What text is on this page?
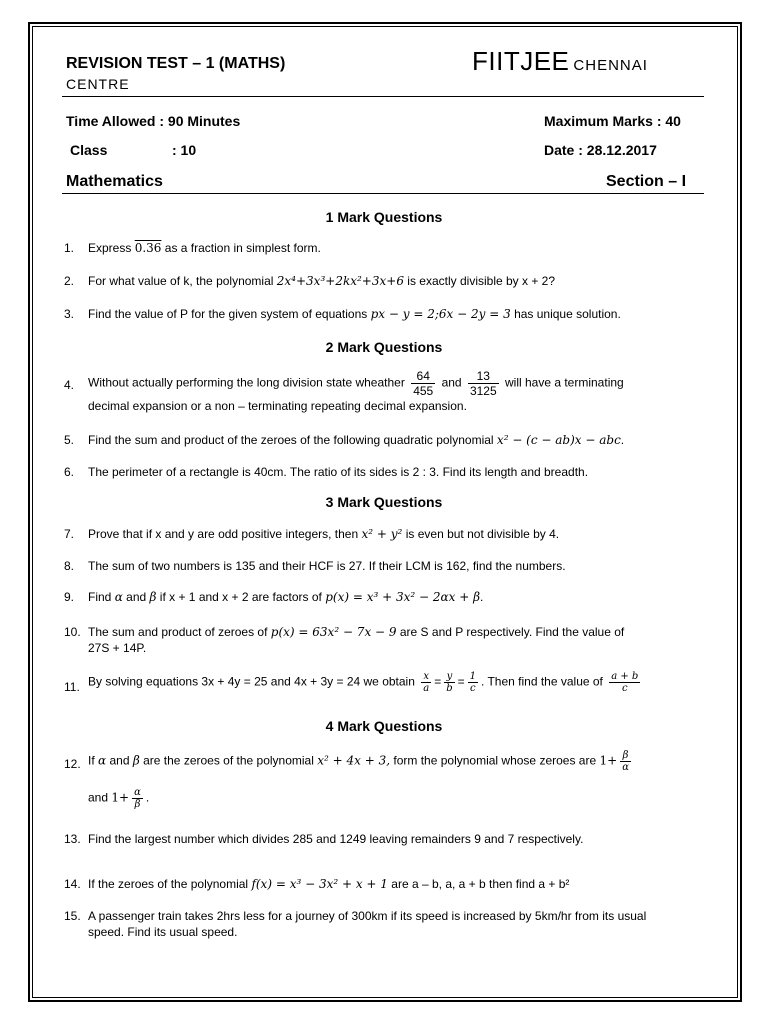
REVISION TEST – 1 (MATHS)	FIITJEE CHENNAI
CENTRE
Time Allowed : 90 Minutes	Maximum Marks : 40
Class	: 10	Date : 28.12.2017
Mathematics	Section – I
1 Mark Questions
1. Express 0.36 as a fraction in simplest form.
2. For what value of k, the polynomial 2x⁴+3x³+2kx²+3x+6 is exactly divisible by x + 2?
3. Find the value of P for the given system of equations px − y = 2;6x − 2y = 3 has unique solution.
2 Mark Questions
4. Without actually performing the long division state wheather $\frac{64}{455}$ and $\frac{13}{3125}$ will have a terminating
decimal expansion or a non – terminating repeating decimal expansion.
5. Find the sum and product of the zeroes of the following quadratic polynomial x² − (c − ab)x − abc.
6. The perimeter of a rectangle is 40cm. The ratio of its sides is 2 : 3. Find its length and breadth.
3 Mark Questions
7. Prove that if x and y are odd positive integers, then x² + y² is even but not divisible by 4.
8. The sum of two numbers is 135 and their HCF is 27. If their LCM is 162, find the numbers.
9. Find α and β if x + 1 and x + 2 are factors of p(x) = x³ + 3x² − 2αx + β.
10. The sum and product of zeroes of p(x) = 63x² − 7x − 9 are S and P respectively. Find the value of
27S + 14P.
11. By solving equations 3x + 4y = 25 and 4x + 3y = 24 we obtain $\frac{x}{a} = \frac{y}{b} = \frac{1}{c}$ . Then find the value of $\frac{a + b}{c}$
4 Mark Questions
12. If α and β are the zeroes of the polynomial x² + 4x + 3, form the polynomial whose zeroes are $1+ \frac{\beta}{\alpha}$
and $1+ \frac{\alpha}{\beta}$ .
13. Find the largest number which divides 285 and 1249 leaving remainders 9 and 7 respectively.
14. If the zeroes of the polynomial f(x) = x³ − 3x² + x + 1 are a – b, a, a + b then find a + b²
15. A passenger train takes 2hrs less for a journey of 300km if its speed is increased by 5km/hr from its usual
speed. Find its usual speed.
